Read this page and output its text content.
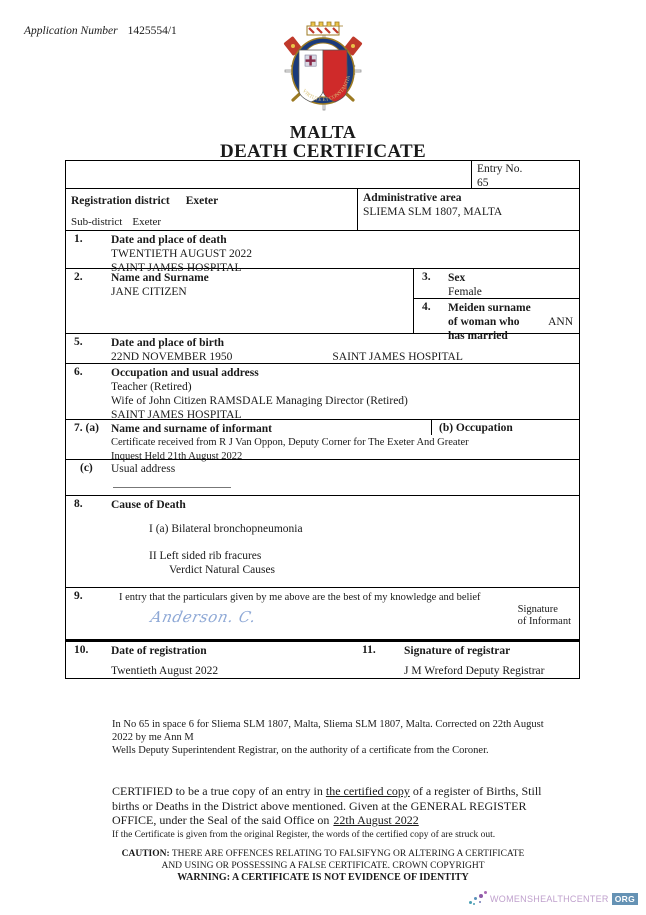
Application Number 1425554/1
VIRTUTE ET CONSTANTIA
MALTA
DEATH CERTIFICATE
Entry No.
65
Registration district Exeter
Sub-district Exeter
Administrative area
SLIEMA SLM 1807, MALTA
1.	Date and place of death
TWENTIETH AUGUST 2022
SAINT JAMES HOSPITAL
2.	Name and Surname
JANE CITIZEN
3.	Sex
Female
4.	Meiden surname
of woman who ANN
has married
5.	Date and place of birth
22ND NOVEMBER 1950	SAINT JAMES HOSPITAL
6.	Occupation and usual address
Teacher (Retired)
Wife of John Citizen RAMSDALE Managing Director (Retired)
SAINT JAMES HOSPITAL
7. (a)	Name and surname of informant
Certificate received from R J Van Oppon, Deputy Corner for The Exeter And Greater
Inquest Held 21th August 2022
(b) Occupation
(c)	Usual address
8.	Cause of Death
I (a) Bilateral bronchopneumonia
II Left sided rib fracures
Verdict Natural Causes
9.	I entry that the particulars given by me above are the best of my knowledge and belief
Anderson. C.	Signature
of Informant
10.	Date of registration
Twentieth August 2022
11.	Signature of registrar
J M Wreford Deputy Registrar
In No 65 in space 6 for Sliema SLM 1807, Malta, Sliema SLM 1807, Malta. Corrected on 22th August
2022 by me Ann M
Wells Deputy Superintendent Registrar, on the authority of a certificate from the Coroner.
CERTIFIED to be a true copy of an entry in the certified copy of a register of Births, Still births or Deaths in the District above mentioned. Given at the GENERAL REGISTER OFFICE, under the Seal of the said Office on 22th August 2022
If the Certificate is given from the original Register, the words of the certified copy of are struck out.
CAUTION: THERE ARE OFFENCES RELATING TO FALSIFYNG OR ALTERING A CERTIFICATE
AND USING OR POSSESSING A FALSE CERTIFICATE. CROWN COPYRIGHT
WARNING: A CERTIFICATE IS NOT EVIDENCE OF IDENTITY
WOMENSHEALTHCENTER ORG
